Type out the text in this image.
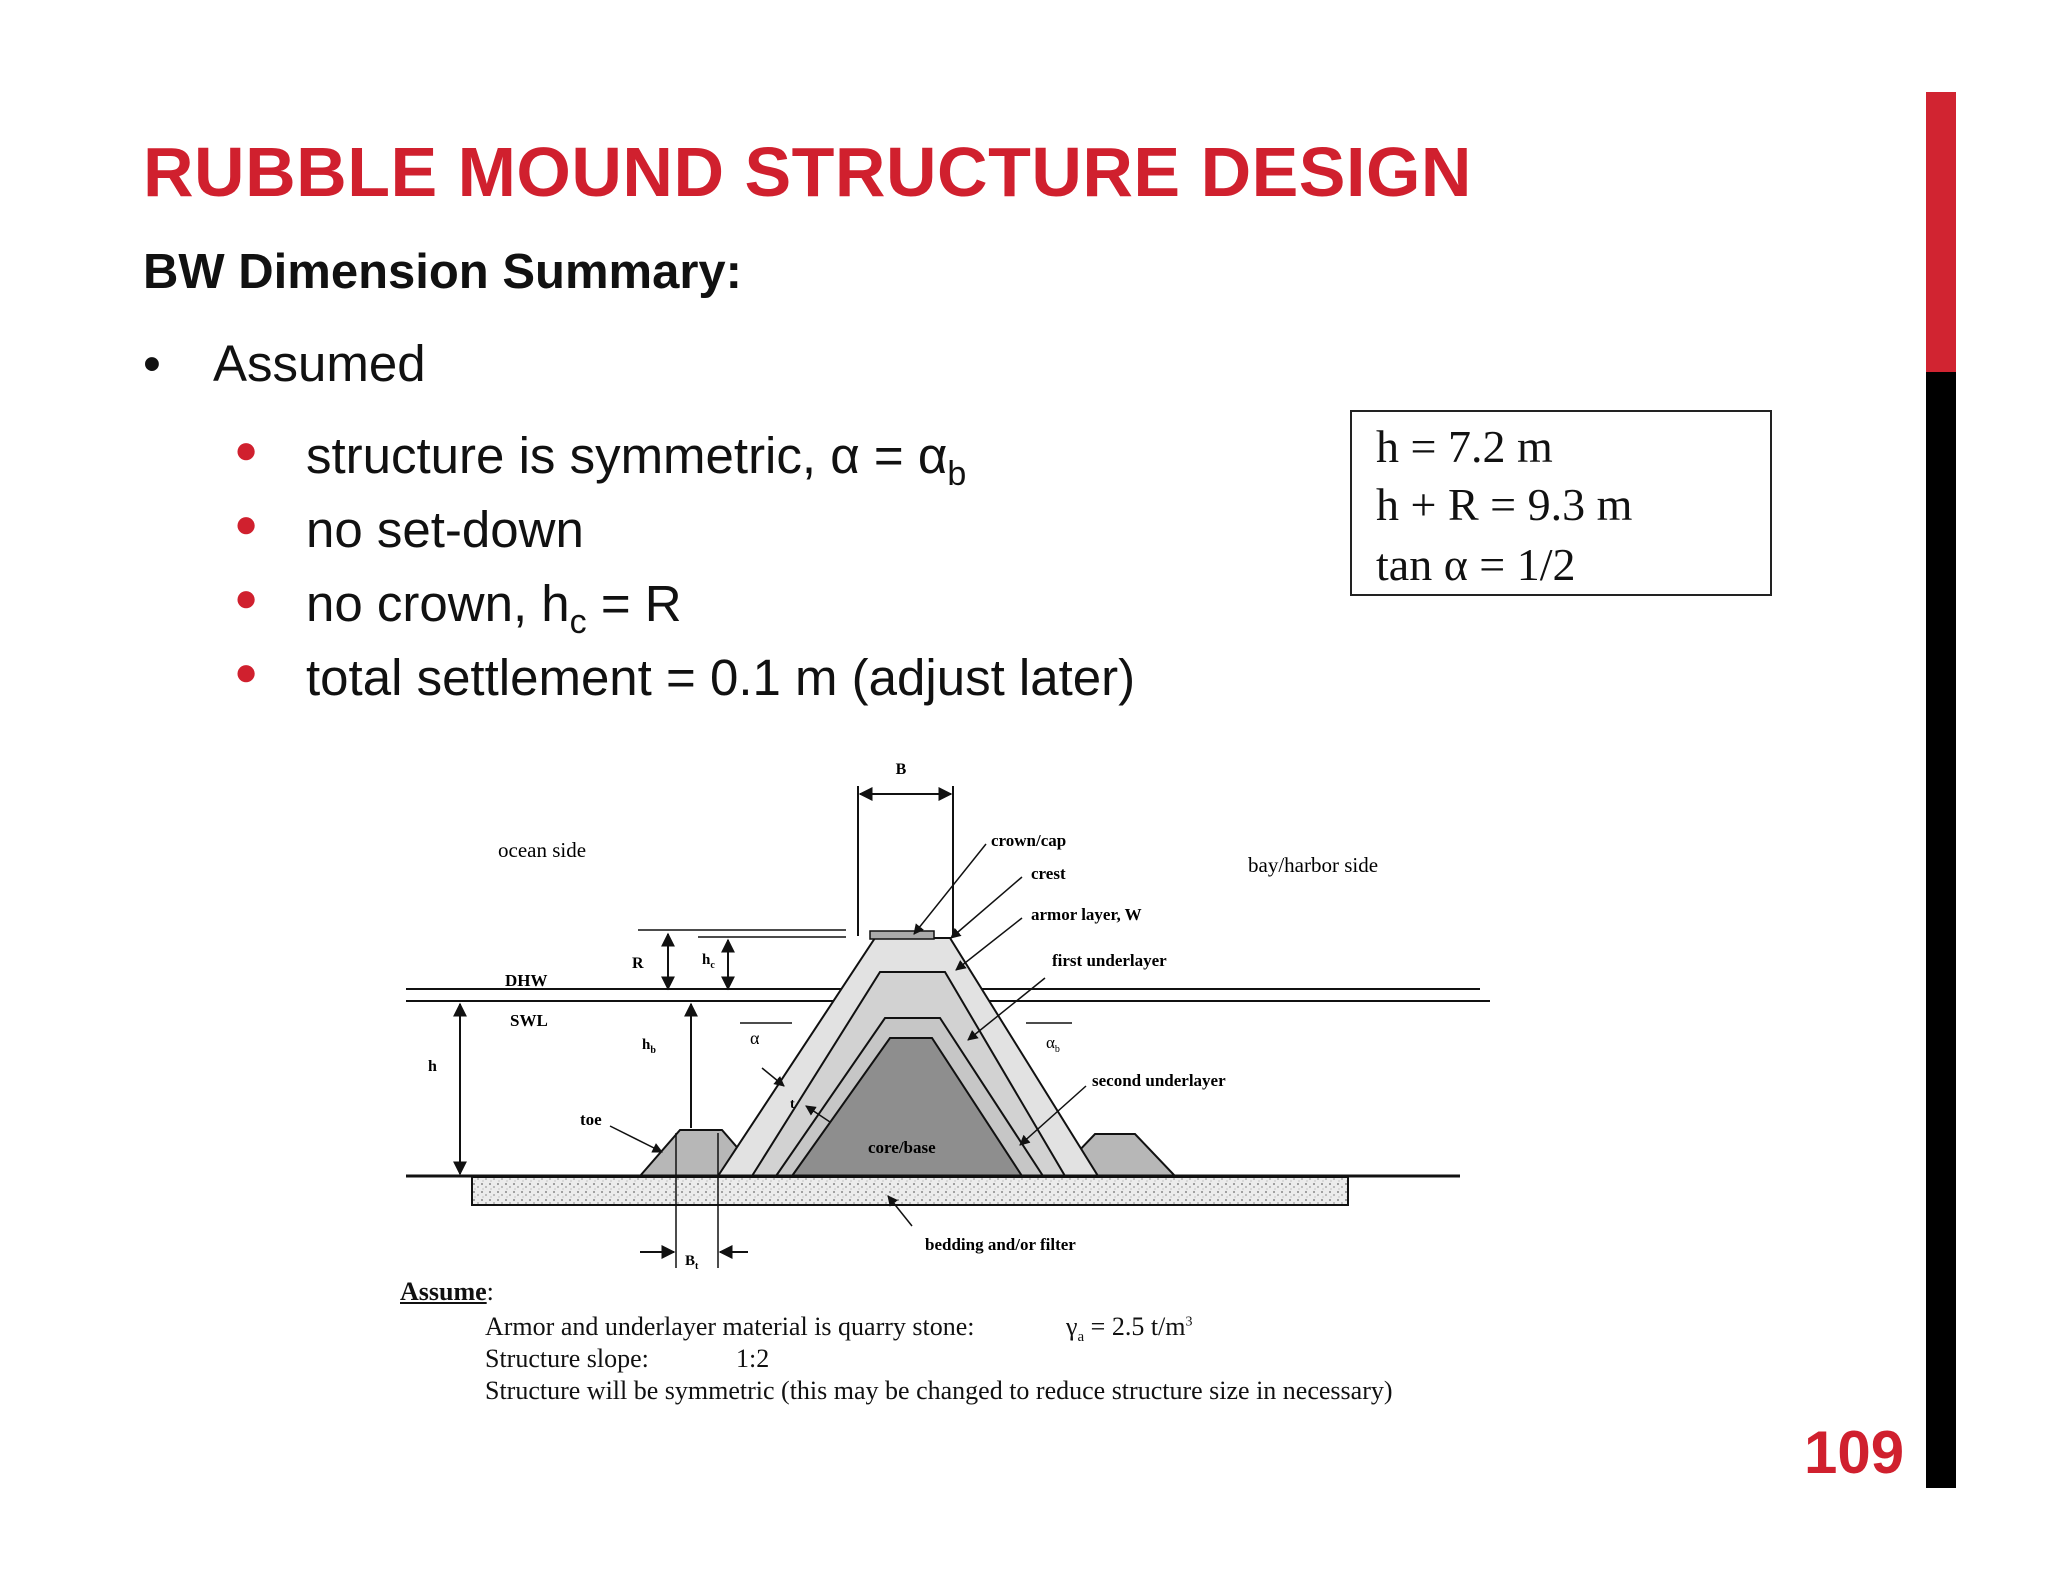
RUBBLE MOUND STRUCTURE DESIGN
BW Dimension Summary:
• Assumed
● structure is symmetric, $\alpha = \alpha_b$
● no set-down
● no crown, $h_c = R$
● total settlement = 0.1 m (adjust later)
h = 7.2 m
h + R = 9.3 m
tan α = 1/2
109
B
R	$h_c$
DHW
SWL
h
$h_b$
α	$\alpha_b$
t
toe
core/base
$B_t$
bedding and/or filter
ocean side
bay/harbor side
crown/cap
crest
armor layer, W
first underlayer
second underlayer
Assume:
Armor and underlayer material is quarry stone:	$\gamma_a = 2.5$ $t/m^3$
Structure slope:	1:2
Structure will be symmetric (this may be changed to reduce structure size in necessary)
